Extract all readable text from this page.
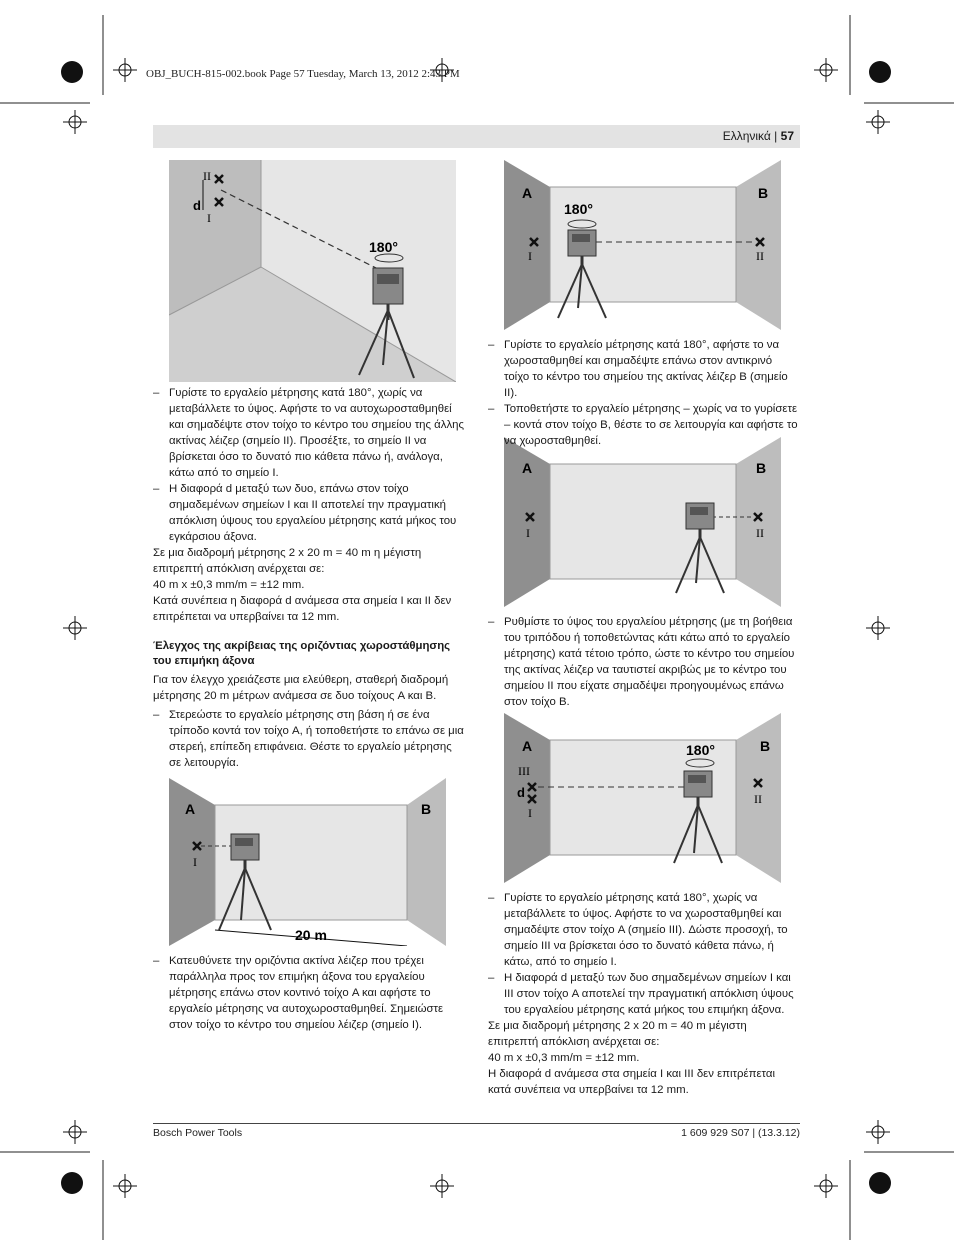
OBJ_BUCH-815-002.book Page 57 Tuesday, March 13, 2012 2:43 PM
Ελληνικά | 57
II
I
d
180°
A	B
I
20 m
A	B
180°
I	II
A	B
I	II
A	B
180°
III
d
I
II

– Γυρίστε το εργαλείο μέτρησης κατά 180°, χωρίς να μεταβάλλετε το ύψος. Αφήστε το να αυτοχωροσταθμηθεί και σημαδέψτε στον τοίχο το κέντρο του σημείου της άλλης ακτίνας λέιζερ (σημείο II). Προσέξτε, το σημείο II να βρίσκεται όσο το δυνατό πιο κάθετα πάνω ή, ανάλογα, κάτω από το σημείο I.

– Η διαφορά d μεταξύ των δυο, επάνω στον τοίχο σημαδεμένων σημείων I και II αποτελεί την πραγματική απόκλιση ύψους του εργαλείου μέτρησης κατά μήκος του εγκάρσιου άξονα.

Σε μια διαδρομή μέτρησης 2 x 20 m = 40 m η μέγιστη επιτρεπτή απόκλιση ανέρχεται σε:

40 m x ±0,3 mm/m = ±12 mm.

Κατά συνέπεια η διαφορά d ανάμεσα στα σημεία I και II δεν επιτρέπεται να υπερβαίνει τα 12 mm.

Έλεγχος της ακρίβειας της οριζόντιας χωροστάθμησης του επιμήκη άξονα

Για τον έλεγχο χρειάζεστε μια ελεύθερη, σταθερή διαδρομή μέτρησης 20 m μέτρων ανάμεσα σε δυο τοίχους A και B.

– Στερεώστε το εργαλείο μέτρησης στη βάση ή σε ένα τρίποδο κοντά τον τοίχο A, ή τοποθετήστε το επάνω σε μια στερεή, επίπεδη επιφάνεια. Θέστε το εργαλείο μέτρησης σε λειτουργία.

– Κατευθύνετε την οριζόντια ακτίνα λέιζερ που τρέχει παράλληλα προς τον επιμήκη άξονα του εργαλείου μέτρησης επάνω στον κοντινό τοίχο A και αφήστε το εργαλείο μέτρησης να αυτοχωροσταθμηθεί. Σημειώστε στον τοίχο το κέντρο του σημείου λέιζερ (σημείο I).

– Γυρίστε το εργαλείο μέτρησης κατά 180°, αφήστε το να χωροσταθμηθεί και σημαδέψτε επάνω στον αντικρινό τοίχο το κέντρο του σημείου της ακτίνας λέιζερ B (σημείο II).

– Τοποθετήστε το εργαλείο μέτρησης – χωρίς να το γυρίσετε – κοντά στον τοίχο B, θέστε το σε λειτουργία και αφήστε το να χωροσταθμηθεί.

– Ρυθμίστε το ύψος του εργαλείου μέτρησης (με τη βοήθεια του τριπόδου ή τοποθετώντας κάτι κάτω από το εργαλείο μέτρησης) κατά τέτοιο τρόπο, ώστε το κέντρο του σημείου της ακτίνας λέιζερ να ταυτιστεί ακριβώς με το κέντρο του σημείου II που είχατε σημαδέψει προηγουμένως επάνω στον τοίχο B.

– Γυρίστε το εργαλείο μέτρησης κατά 180°, χωρίς να μεταβάλλετε το ύψος. Αφήστε το να χωροσταθμηθεί και σημαδέψτε στον τοίχο A (σημείο III). Δώστε προσοχή, το σημείο III να βρίσκεται όσο το δυνατό κάθετα πάνω, ή κάτω, από το σημείο I.

– Η διαφορά d μεταξύ των δυο σημαδεμένων σημείων I και III στον τοίχο A αποτελεί την πραγματική απόκλιση ύψους του εργαλείου μέτρησης κατά μήκος του επιμήκη άξονα.

Σε μια διαδρομή μέτρησης 2 x 20 m = 40 m μέγιστη επιτρεπτή απόκλιση ανέρχεται σε:

40 m x ±0,3 mm/m = ±12 mm.

Η διαφορά d ανάμεσα στα σημεία I και III δεν επιτρέπεται κατά συνέπεια να υπερβαίνει τα 12 mm.

Bosch Power Tools	1 609 929 S07 | (13.3.12)
